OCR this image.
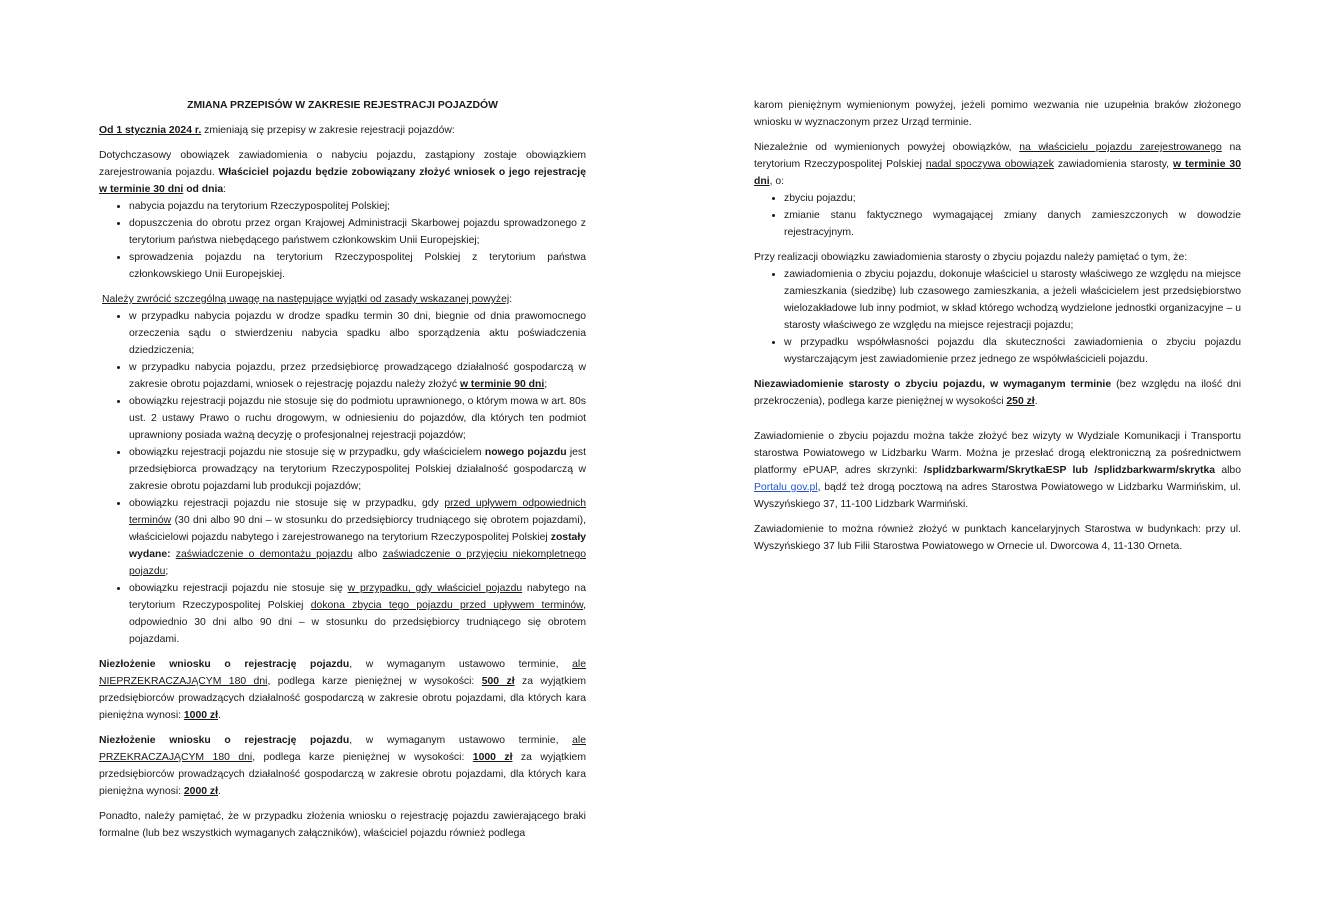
ZMIANA PRZEPISÓW W ZAKRESIE REJESTRACJI POJAZDÓW

Od 1 stycznia 2024 r. zmieniają się przepisy w zakresie rejestracji pojazdów:

Dotychczasowy obowiązek zawiadomienia o nabyciu pojazdu, zastąpiony zostaje obowiązkiem zarejestrowania pojazdu. Właściciel pojazdu będzie zobowiązany złożyć wniosek o jego rejestrację w terminie 30 dni od dnia:

• nabycia pojazdu na terytorium Rzeczypospolitej Polskiej;
• dopuszczenia do obrotu przez organ Krajowej Administracji Skarbowej pojazdu sprowadzonego z terytorium państwa niebędącego państwem członkowskim Unii Europejskiej;
• sprowadzenia pojazdu na terytorium Rzeczypospolitej Polskiej z terytorium państwa członkowskiego Unii Europejskiej.

Należy zwrócić szczególną uwagę na następujące wyjątki od zasady wskazanej powyżej:

• w przypadku nabycia pojazdu w drodze spadku termin 30 dni, biegnie od dnia prawomocnego orzeczenia sądu o stwierdzeniu nabycia spadku albo sporządzenia aktu poświadczenia dziedziczenia;
• w przypadku nabycia pojazdu, przez przedsiębiorcę prowadzącego działalność gospodarczą w zakresie obrotu pojazdami, wniosek o rejestrację pojazdu należy złożyć w terminie 90 dni;
• obowiązku rejestracji pojazdu nie stosuje się do podmiotu uprawnionego, o którym mowa w art. 80s ust. 2 ustawy Prawo o ruchu drogowym, w odniesieniu do pojazdów, dla których ten podmiot uprawniony posiada ważną decyzję o profesjonalnej rejestracji pojazdów;
• obowiązku rejestracji pojazdu nie stosuje się w przypadku, gdy właścicielem nowego pojazdu jest przedsiębiorca prowadzący na terytorium Rzeczypospolitej Polskiej działalność gospodarczą w zakresie obrotu pojazdami lub produkcji pojazdów;
• obowiązku rejestracji pojazdu nie stosuje się w przypadku, gdy przed upływem odpowiednich terminów (30 dni albo 90 dni – w stosunku do przedsiębiorcy trudniącego się obrotem pojazdami), właścicielowi pojazdu nabytego i zarejestrowanego na terytorium Rzeczypospolitej Polskiej zostały wydane: zaświadczenie o demontażu pojazdu albo zaświadczenie o przyjęciu niekompletnego pojazdu;
• obowiązku rejestracji pojazdu nie stosuje się w przypadku, gdy właściciel pojazdu nabytego na terytorium Rzeczypospolitej Polskiej dokona zbycia tego pojazdu przed upływem terminów, odpowiednio 30 dni albo 90 dni – w stosunku do przedsiębiorcy trudniącego się obrotem pojazdami.

Niezłożenie wniosku o rejestrację pojazdu, w wymaganym ustawowo terminie, ale NIEPRZEKRACZAJĄCYM 180 dni, podlega karze pieniężnej w wysokości: 500 zł za wyjątkiem przedsiębiorców prowadzących działalność gospodarczą w zakresie obrotu pojazdami, dla których kara pieniężna wynosi: 1000 zł.

Niezłożenie wniosku o rejestrację pojazdu, w wymaganym ustawowo terminie, ale PRZEKRACZAJĄCYM 180 dni, podlega karze pieniężnej w wysokości: 1000 zł za wyjątkiem przedsiębiorców prowadzących działalność gospodarczą w zakresie obrotu pojazdami, dla których kara pieniężna wynosi: 2000 zł.

Ponadto, należy pamiętać, że w przypadku złożenia wniosku o rejestrację pojazdu zawierającego braki formalne (lub bez wszystkich wymaganych załączników), właściciel pojazdu również podlega

karom pieniężnym wymienionym powyżej, jeżeli pomimo wezwania nie uzupełnia braków złożonego wniosku w wyznaczonym przez Urząd terminie.

Niezależnie od wymienionych powyżej obowiązków, na właścicielu pojazdu zarejestrowanego na terytorium Rzeczypospolitej Polskiej nadal spoczywa obowiązek zawiadomienia starosty, w terminie 30 dni, o:

• zbyciu pojazdu;
• zmianie stanu faktycznego wymagającej zmiany danych zamieszczonych w dowodzie rejestracyjnym.

Przy realizacji obowiązku zawiadomienia starosty o zbyciu pojazdu należy pamiętać o tym, że:

• zawiadomienia o zbyciu pojazdu, dokonuje właściciel u starosty właściwego ze względu na miejsce zamieszkania (siedzibę) lub czasowego zamieszkania, a jeżeli właścicielem jest przedsiębiorstwo wielozakładowe lub inny podmiot, w skład którego wchodzą wydzielone jednostki organizacyjne – u starosty właściwego ze względu na miejsce rejestracji pojazdu;
• w przypadku współwłasności pojazdu dla skuteczności zawiadomienia o zbyciu pojazdu wystarczającym jest zawiadomienie przez jednego ze współwłaścicieli pojazdu.

Niezawiadomienie starosty o zbyciu pojazdu, w wymaganym terminie (bez względu na ilość dni przekroczenia), podlega karze pieniężnej w wysokości 250 zł.

Zawiadomienie o zbyciu pojazdu można także złożyć bez wizyty w Wydziale Komunikacji i Transportu starostwa Powiatowego w Lidzbarku Warm. Można je przesłać drogą elektroniczną za pośrednictwem platformy ePUAP, adres skrzynki: /splidzbarkwarm/SkrytkaESP lub /splidzbarkwarm/skrytka albo Portalu gov.pl, bądź też drogą pocztową na adres Starostwa Powiatowego w Lidzbarku Warmińskim, ul. Wyszyńskiego 37, 11-100 Lidzbark Warmiński.

Zawiadomienie to można również złożyć w punktach kancelaryjnych Starostwa w budynkach: przy ul. Wyszyńskiego 37 lub Filii Starostwa Powiatowego w Ornecie ul. Dworcowa 4, 11-130 Orneta.
